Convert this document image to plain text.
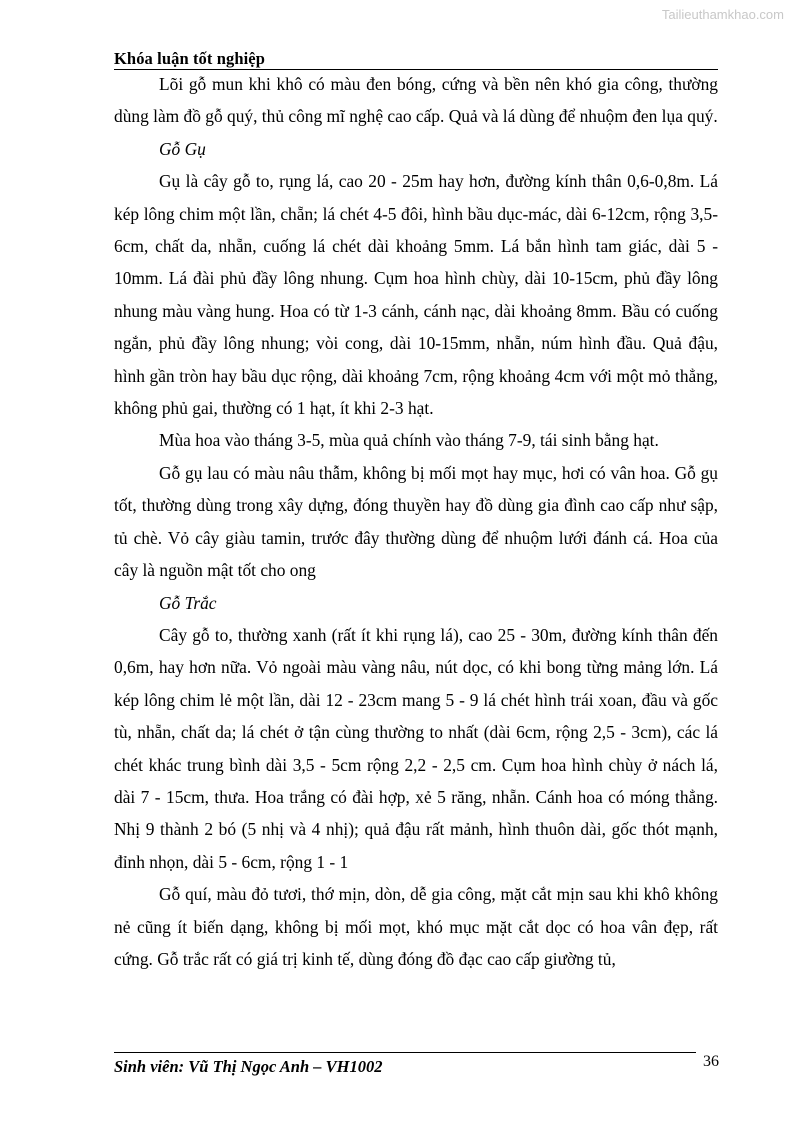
Tailieuthamkhao.com
Khóa luận tốt nghiệp

Lõi gỗ mun khi khô có màu đen bóng, cứng và bền nên khó gia công, thường dùng làm đồ gỗ quý, thủ công mĩ nghệ cao cấp. Quả và lá dùng để nhuộm đen lụa quý.

Gỗ Gụ

Gụ là cây gỗ to, rụng lá, cao 20 - 25m hay hơn, đường kính thân 0,6-0,8m. Lá kép lông chim một lần, chẵn; lá chét 4-5 đôi, hình bầu dục-mác, dài 6-12cm, rộng 3,5-6cm, chất da, nhẵn, cuống lá chét dài khoảng 5mm. Lá bắn hình tam giác, dài 5 - 10mm. Lá đài phủ đầy lông nhung. Cụm hoa hình chùy, dài 10-15cm, phủ đầy lông nhung màu vàng hung. Hoa có từ 1-3 cánh, cánh nạc, dài khoảng 8mm. Bầu có cuống ngắn, phủ đầy lông nhung; vòi cong, dài 10-15mm, nhẵn, núm hình đầu. Quả đậu, hình gần tròn hay bầu dục rộng, dài khoảng 7cm, rộng khoảng 4cm với một mỏ thẳng, không phủ gai, thường có 1 hạt, ít khi 2-3 hạt.

Mùa hoa vào tháng 3-5, mùa quả chính vào tháng 7-9, tái sinh bằng hạt.

Gỗ gụ lau có màu nâu thẫm, không bị mối mọt hay mục, hơi có vân hoa. Gỗ gụ tốt, thường dùng trong xây dựng, đóng thuyền hay đồ dùng gia đình cao cấp như sập, tủ chè. Vỏ cây giàu tamin, trước đây thường dùng để nhuộm lưới đánh cá. Hoa của cây là nguồn mật tốt cho ong

Gỗ Trắc

Cây gỗ to, thường xanh (rất ít khi rụng lá), cao 25 - 30m, đường kính thân đến 0,6m, hay hơn nữa. Vỏ ngoài màu vàng nâu, nút dọc, có khi bong từng mảng lớn. Lá kép lông chim lẻ một lần, dài 12 - 23cm mang 5 - 9 lá chét hình trái xoan, đầu và gốc tù, nhẵn, chất da; lá chét ở tận cùng thường to nhất (dài 6cm, rộng 2,5 - 3cm), các lá chét khác trung bình dài 3,5 - 5cm rộng 2,2 - 2,5 cm. Cụm hoa hình chùy ở nách lá, dài 7 - 15cm, thưa. Hoa trắng có đài hợp, xẻ 5 răng, nhẵn. Cánh hoa có móng thẳng. Nhị 9 thành 2 bó (5 nhị và 4 nhị); quả đậu rất mảnh, hình thuôn dài, gốc thót mạnh, đỉnh nhọn, dài 5 - 6cm, rộng 1 - 1

Gỗ quí, màu đỏ tươi, thớ mịn, dòn, dễ gia công, mặt cắt mịn sau khi khô không nẻ cũng ít biến dạng, không bị mối mọt, khó mục mặt cắt dọc có hoa vân đẹp, rất cứng. Gỗ trắc rất có giá trị kinh tế, dùng đóng đồ đạc cao cấp giường tủ,

Sinh viên: Vũ Thị Ngọc Anh – VH1002	36
